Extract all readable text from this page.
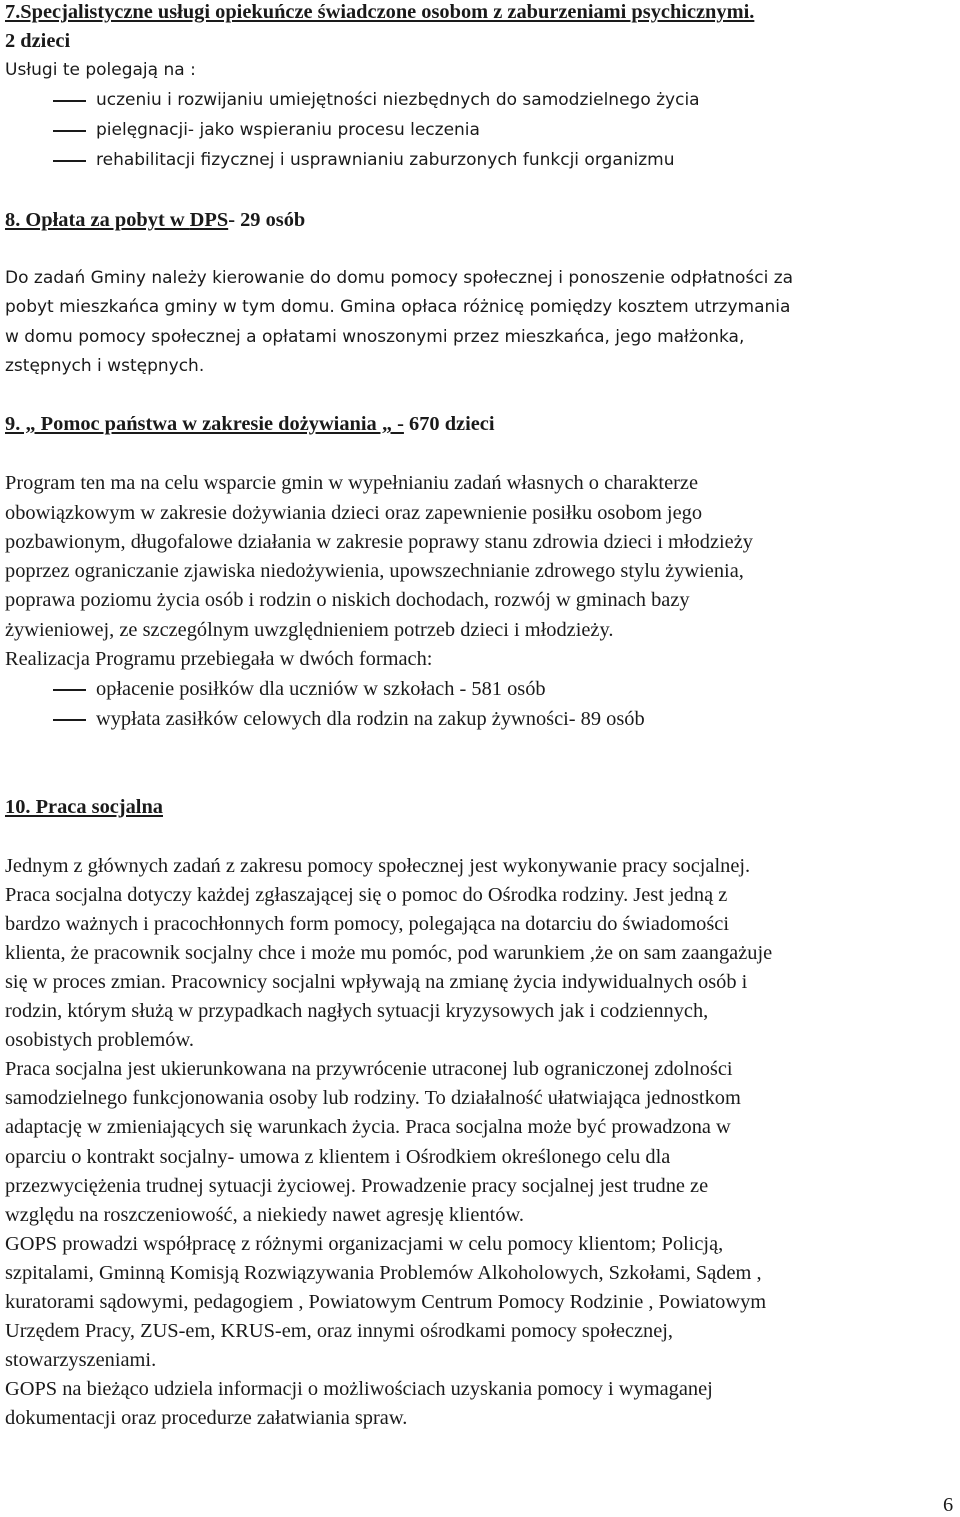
7.Specjalistyczne usługi opiekuńcze świadczone osobom z zaburzeniami psychicznymi.
2 dzieci
Usługi te polegają na :
uczeniu i rozwijaniu umiejętności niezbędnych do samodzielnego życia
pielęgnacji- jako wspieraniu procesu leczenia
rehabilitacji fizycznej i usprawnianiu zaburzonych funkcji organizmu
8. Opłata za pobyt w DPS- 29 osób
Do zadań Gminy należy kierowanie do domu pomocy społecznej i ponoszenie odpłatności za
pobyt mieszkańca gminy w tym domu. Gmina opłaca różnicę pomiędzy kosztem utrzymania
w domu pomocy społecznej a opłatami wnoszonymi przez mieszkańca, jego małżonka,
zstępnych i wstępnych.
9. „ Pomoc państwa w zakresie dożywiania „ - 670 dzieci
Program ten ma na celu wsparcie gmin w wypełnianiu zadań własnych o charakterze
obowiązkowym w zakresie dożywiania dzieci oraz zapewnienie posiłku osobom jego
pozbawionym, długofalowe działania w zakresie poprawy stanu zdrowia dzieci i młodzieży
poprzez ograniczanie zjawiska niedożywienia, upowszechnianie zdrowego stylu żywienia,
poprawa poziomu życia osób i rodzin o niskich dochodach, rozwój w gminach bazy
żywieniowej, ze szczególnym uwzględnieniem potrzeb dzieci i młodzieży.
Realizacja Programu przebiegała w dwóch formach:
opłacenie posiłków dla uczniów w szkołach - 581 osób
wypłata zasiłków celowych dla rodzin na zakup żywności- 89 osób
10. Praca socjalna
Jednym z głównych zadań z zakresu pomocy społecznej jest wykonywanie pracy socjalnej.
Praca socjalna dotyczy każdej zgłaszającej się o pomoc do Ośrodka rodziny. Jest jedną z
bardzo ważnych i pracochłonnych form pomocy, polegająca na dotarciu do świadomości
klienta, że pracownik socjalny chce i może mu pomóc, pod warunkiem ,że on sam zaangażuje
się w proces zmian. Pracownicy socjalni wpływają na zmianę życia indywidualnych osób i
rodzin, którym służą w przypadkach nagłych sytuacji kryzysowych jak i codziennych,
osobistych problemów.
Praca socjalna jest ukierunkowana na przywrócenie utraconej lub ograniczonej zdolności
samodzielnego funkcjonowania osoby lub rodziny. To działalność ułatwiająca jednostkom
adaptację w zmieniających się warunkach życia. Praca socjalna może być prowadzona w
oparciu o kontrakt socjalny- umowa z klientem i Ośrodkiem określonego celu dla
przezwyciężenia trudnej sytuacji życiowej. Prowadzenie pracy socjalnej jest trudne ze
względu na roszczeniowość, a niekiedy nawet agresję klientów.
GOPS prowadzi współpracę z różnymi organizacjami w celu pomocy klientom; Policją,
szpitalami, Gminną Komisją Rozwiązywania Problemów Alkoholowych, Szkołami, Sądem ,
kuratorami sądowymi, pedagogiem , Powiatowym Centrum Pomocy Rodzinie , Powiatowym
Urzędem Pracy, ZUS-em, KRUS-em, oraz innymi ośrodkami pomocy społecznej,
stowarzyszeniami.
GOPS na bieżąco udziela informacji o możliwościach uzyskania pomocy i wymaganej
dokumentacji oraz procedurze załatwiania spraw.
6
